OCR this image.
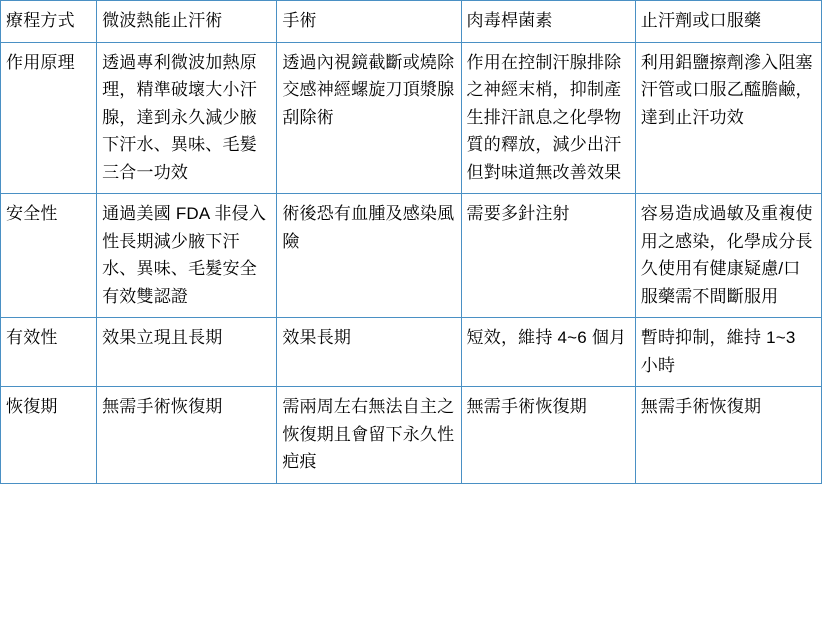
療程方式	微波熱能止汗術	手術	肉毒桿菌素	止汗劑或口服藥
作用原理	透過專利微波加熱原理，精準破壞大小汗腺，達到永久減少腋下汗水、異味、毛髮三合一功效	透過內視鏡截斷或燒除交感神經螺旋刀頂漿腺刮除術	作用在控制汗腺排除之神經末梢，抑制產生排汗訊息之化學物質的釋放，減少出汗但對味道無改善效果	利用鋁鹽擦劑滲入阻塞汗管或口服乙醯膽鹼，達到止汗功效
安全性	通過美國 FDA 非侵入性長期減少腋下汗水、異味、毛髮安全有效雙認證	術後恐有血腫及感染風險	需要多針注射	容易造成過敏及重複使用之感染，化學成分長久使用有健康疑慮/口服藥需不間斷服用
有效性	效果立現且長期	效果長期	短效，維持 4~6 個月	暫時抑制，維持 1~3 小時
恢復期	無需手術恢復期	需兩周左右無法自主之恢復期且會留下永久性疤痕	無需手術恢復期	無需手術恢復期
